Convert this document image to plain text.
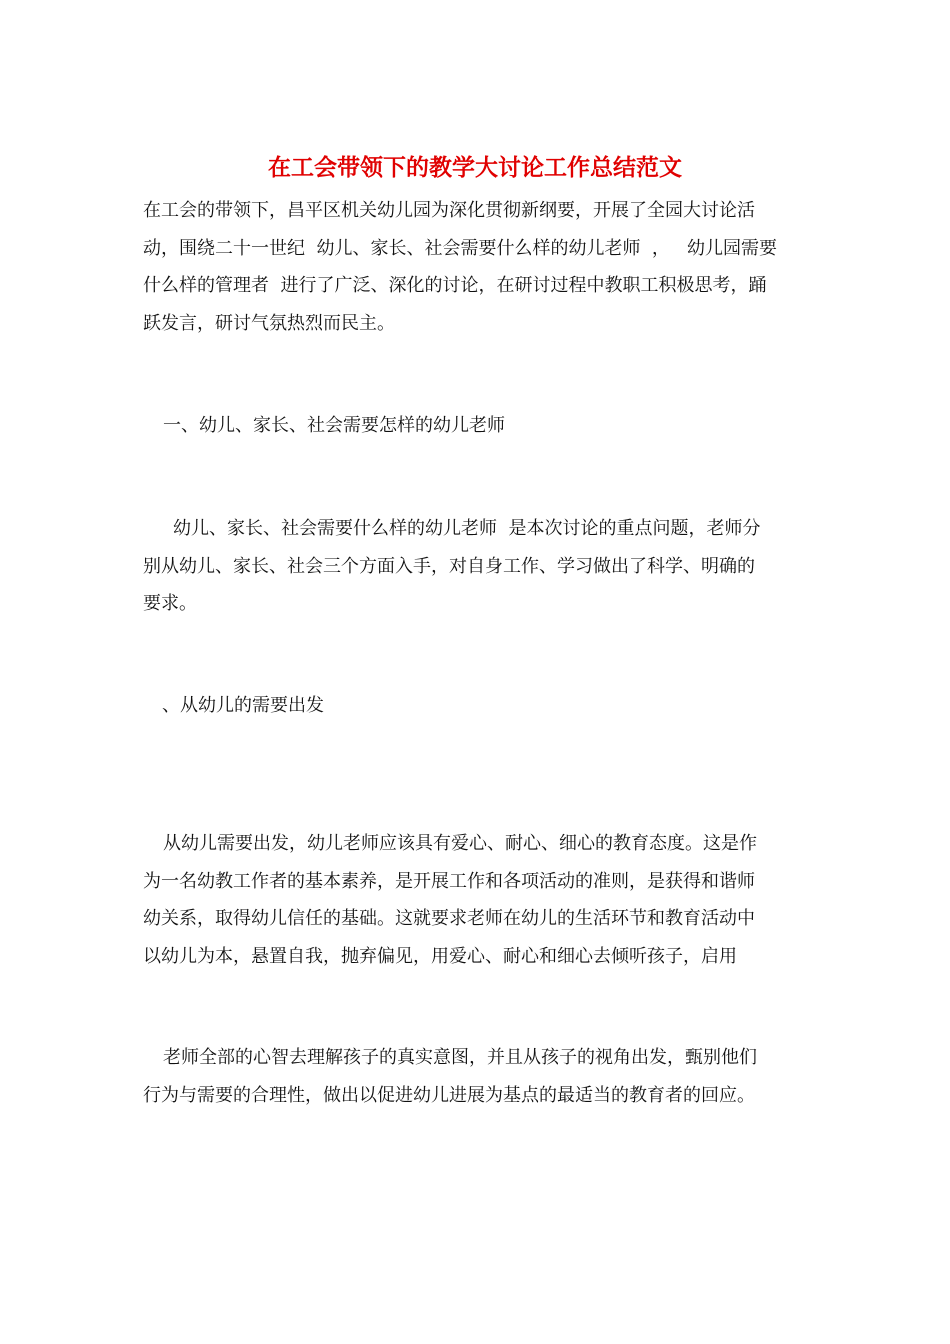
在工会带领下的教学大讨论工作总结范文
在工会的带领下，昌平区机关幼儿园为深化贯彻新纲要，开展了全园大讨论活
动，围绕二十一世纪  幼儿、家长、社会需要什么样的幼儿老师  ，   幼儿园需要
什么样的管理者  进行了广泛、深化的讨论，在研讨过程中教职工积极思考，踊
跃发言，研讨气氛热烈而民主。
一、幼儿、家长、社会需要怎样的幼儿老师
幼儿、家长、社会需要什么样的幼儿老师  是本次讨论的重点问题，老师分
别从幼儿、家长、社会三个方面入手，对自身工作、学习做出了科学、明确的
要求。
、从幼儿的需要出发
从幼儿需要出发，幼儿老师应该具有爱心、耐心、细心的教育态度。这是作
为一名幼教工作者的基本素养，是开展工作和各项活动的准则，是获得和谐师
幼关系，取得幼儿信任的基础。这就要求老师在幼儿的生活环节和教育活动中
以幼儿为本，悬置自我，抛弃偏见，用爱心、耐心和细心去倾听孩子，启用
老师全部的心智去理解孩子的真实意图，并且从孩子的视角出发，甄别他们
行为与需要的合理性，做出以促进幼儿进展为基点的最适当的教育者的回应。
